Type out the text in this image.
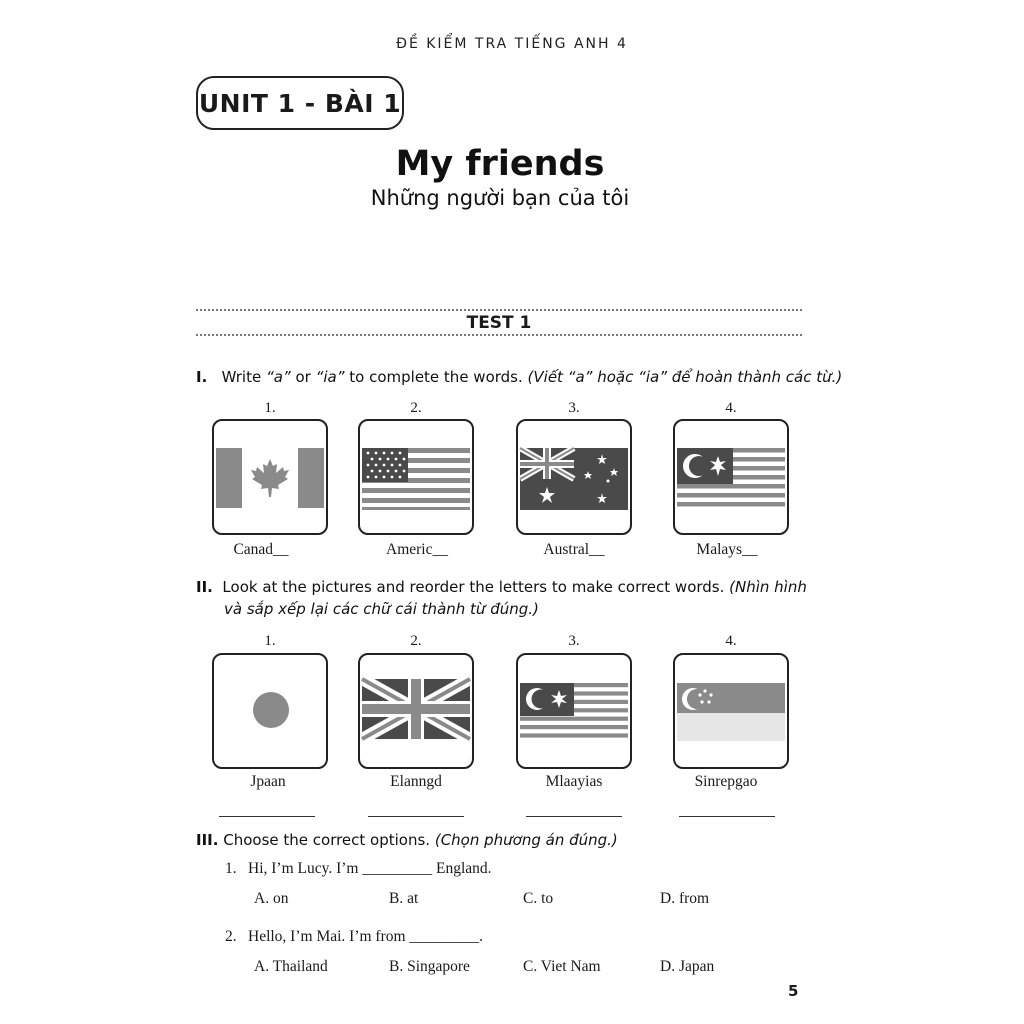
ĐỀ KIỂM TRA TIẾNG ANH 4
UNIT 1 - BÀI 1
My friends
Những người bạn của tôi
TEST 1
I. Write “a” or “ia” to complete the words. (Viết “a” hoặc “ia” để hoàn thành các từ.)
1.	2.	3.	4.
Canad__	Americ__	Austral__	Malays__
II. Look at the pictures and reorder the letters to make correct words. (Nhìn hình
và sắp xếp lại các chữ cái thành từ đúng.)
1.	2.	3.	4.
Jpaan	Elanngd	Mlaayias	Sinrepgao
III. Choose the correct options. (Chọn phương án đúng.)
1. Hi, I’m Lucy. I’m _________ England.
A. on	B. at	C. to	D. from
2. Hello, I’m Mai. I’m from _________.
A. Thailand	B. Singapore	C. Viet Nam	D. Japan
5
